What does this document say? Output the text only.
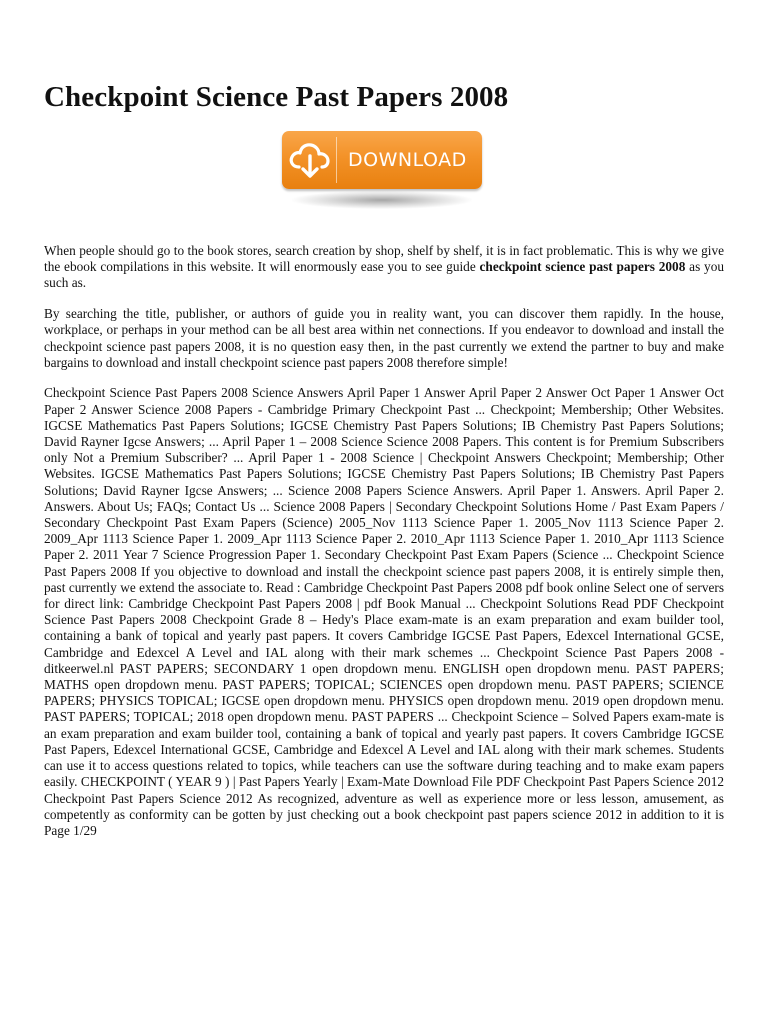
Checkpoint Science Past Papers 2008
DOWNLOAD

When people should go to the book stores, search creation by shop, shelf by shelf, it is in fact problematic. This is why we give the ebook compilations in this website. It will enormously ease you to see guide checkpoint science past papers 2008 as you such as.

By searching the title, publisher, or authors of guide you in reality want, you can discover them rapidly. In the house, workplace, or perhaps in your method can be all best area within net connections. If you endeavor to download and install the checkpoint science past papers 2008, it is no question easy then, in the past currently we extend the partner to buy and make bargains to download and install checkpoint science past papers 2008 therefore simple!

Checkpoint Science Past Papers 2008 Science Answers April Paper 1 Answer April Paper 2 Answer Oct Paper 1 Answer Oct Paper 2 Answer Science 2008 Papers - Cambridge Primary Checkpoint Past ... Checkpoint; Membership; Other Websites. IGCSE Mathematics Past Papers Solutions; IGCSE Chemistry Past Papers Solutions; IB Chemistry Past Papers Solutions; David Rayner Igcse Answers; ... April Paper 1 – 2008 Science Science 2008 Papers. This content is for Premium Subscribers only Not a Premium Subscriber? ... April Paper 1 - 2008 Science | Checkpoint Answers Checkpoint; Membership; Other Websites. IGCSE Mathematics Past Papers Solutions; IGCSE Chemistry Past Papers Solutions; IB Chemistry Past Papers Solutions; David Rayner Igcse Answers; ... Science 2008 Papers Science Answers. April Paper 1. Answers. April Paper 2. Answers. About Us; FAQs; Contact Us ... Science 2008 Papers | Secondary Checkpoint Solutions Home / Past Exam Papers / Secondary Checkpoint Past Exam Papers (Science) 2005_Nov 1113 Science Paper 1. 2005_Nov 1113 Science Paper 2. 2009_Apr 1113 Science Paper 1. 2009_Apr 1113 Science Paper 2. 2010_Apr 1113 Science Paper 1. 2010_Apr 1113 Science Paper 2. 2011 Year 7 Science Progression Paper 1. Secondary Checkpoint Past Exam Papers (Science ... Checkpoint Science Past Papers 2008 If you objective to download and install the checkpoint science past papers 2008, it is entirely simple then, past currently we extend the associate to. Read : Cambridge Checkpoint Past Papers 2008 pdf book online Select one of servers for direct link: Cambridge Checkpoint Past Papers 2008 | pdf Book Manual ... Checkpoint Solutions Read PDF Checkpoint Science Past Papers 2008 Checkpoint Grade 8 – Hedy's Place exam-mate is an exam preparation and exam builder tool, containing a bank of topical and yearly past papers. It covers Cambridge IGCSE Past Papers, Edexcel International GCSE, Cambridge and Edexcel A Level and IAL along with their mark schemes ... Checkpoint Science Past Papers 2008 - ditkeerwel.nl PAST PAPERS; SECONDARY 1 open dropdown menu. ENGLISH open dropdown menu. PAST PAPERS; MATHS open dropdown menu. PAST PAPERS; TOPICAL; SCIENCES open dropdown menu. PAST PAPERS; SCIENCE PAPERS; PHYSICS TOPICAL; IGCSE open dropdown menu. PHYSICS open dropdown menu. 2019 open dropdown menu. PAST PAPERS; TOPICAL; 2018 open dropdown menu. PAST PAPERS ... Checkpoint Science – Solved Papers exam-mate is an exam preparation and exam builder tool, containing a bank of topical and yearly past papers. It covers Cambridge IGCSE Past Papers, Edexcel International GCSE, Cambridge and Edexcel A Level and IAL along with their mark schemes. Students can use it to access questions related to topics, while teachers can use the software during teaching and to make exam papers easily. CHECKPOINT ( YEAR 9 ) | Past Papers Yearly | Exam-Mate Download File PDF Checkpoint Past Papers Science 2012 Checkpoint Past Papers Science 2012 As recognized, adventure as well as experience more or less lesson, amusement, as competently as conformity can be gotten by just checking out a book checkpoint past papers science 2012 in addition to it is Page 1/29
